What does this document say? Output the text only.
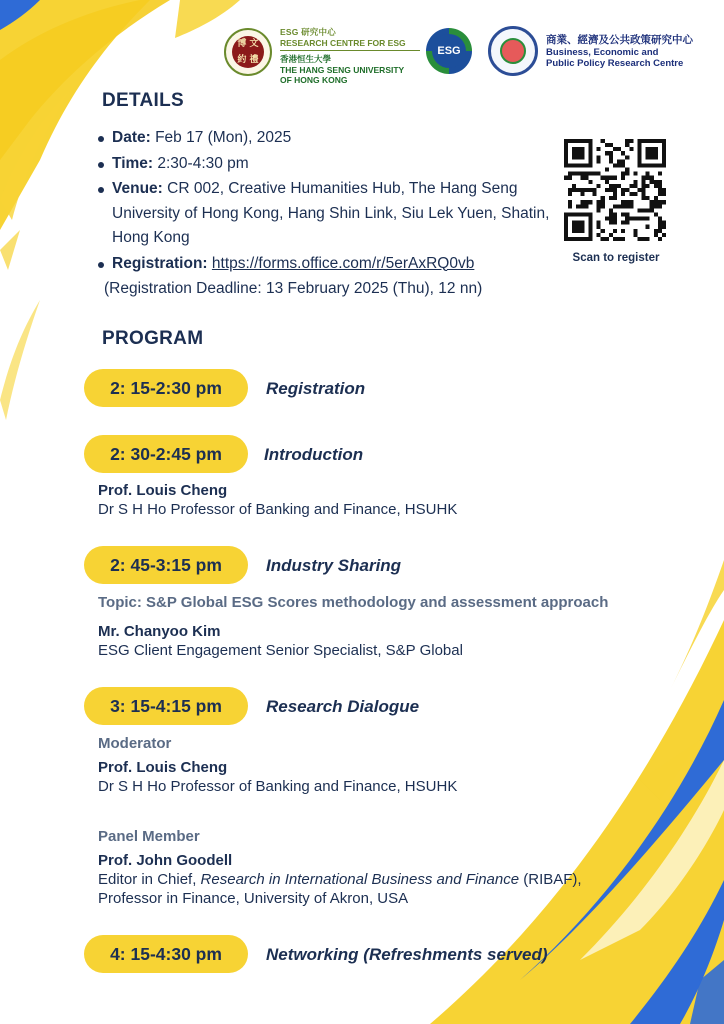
博 文 約 禮
ESG 研究中心
RESEARCH CENTRE FOR ESG
香港恒生大學
THE HANG SENG UNIVERSITY
OF HONG KONG
ESG
商業、經濟及公共政策研究中心
Business, Economic and
Public Policy Research Centre
DETAILS
Date: Feb 17 (Mon), 2025
Time: 2:30-4:30 pm
Venue: CR 002, Creative Humanities Hub, The Hang Seng University of Hong Kong, Hang Shin Link, Siu Lek Yuen, Shatin, Hong Kong
Registration: https://forms.office.com/r/5erAxRQ0vb
(Registration Deadline: 13 February 2025 (Thu), 12 nn)
Scan to register
PROGRAM
2: 15-2:30 pm	Registration
2: 30-2:45 pm	Introduction
Prof. Louis Cheng
Dr S H Ho Professor of Banking and Finance, HSUHK
2: 45-3:15 pm	Industry Sharing
Topic: S&P Global ESG Scores methodology and assessment approach
Mr. Chanyoo Kim
ESG Client Engagement Senior Specialist, S&P Global
3: 15-4:15 pm	Research Dialogue
Moderator
Prof. Louis Cheng
Dr S H Ho Professor of Banking and Finance, HSUHK
Panel Member
Prof. John Goodell
Editor in Chief, Research in International Business and Finance (RIBAF), Professor in Finance, University of Akron, USA
4: 15-4:30 pm	Networking (Refreshments served)
